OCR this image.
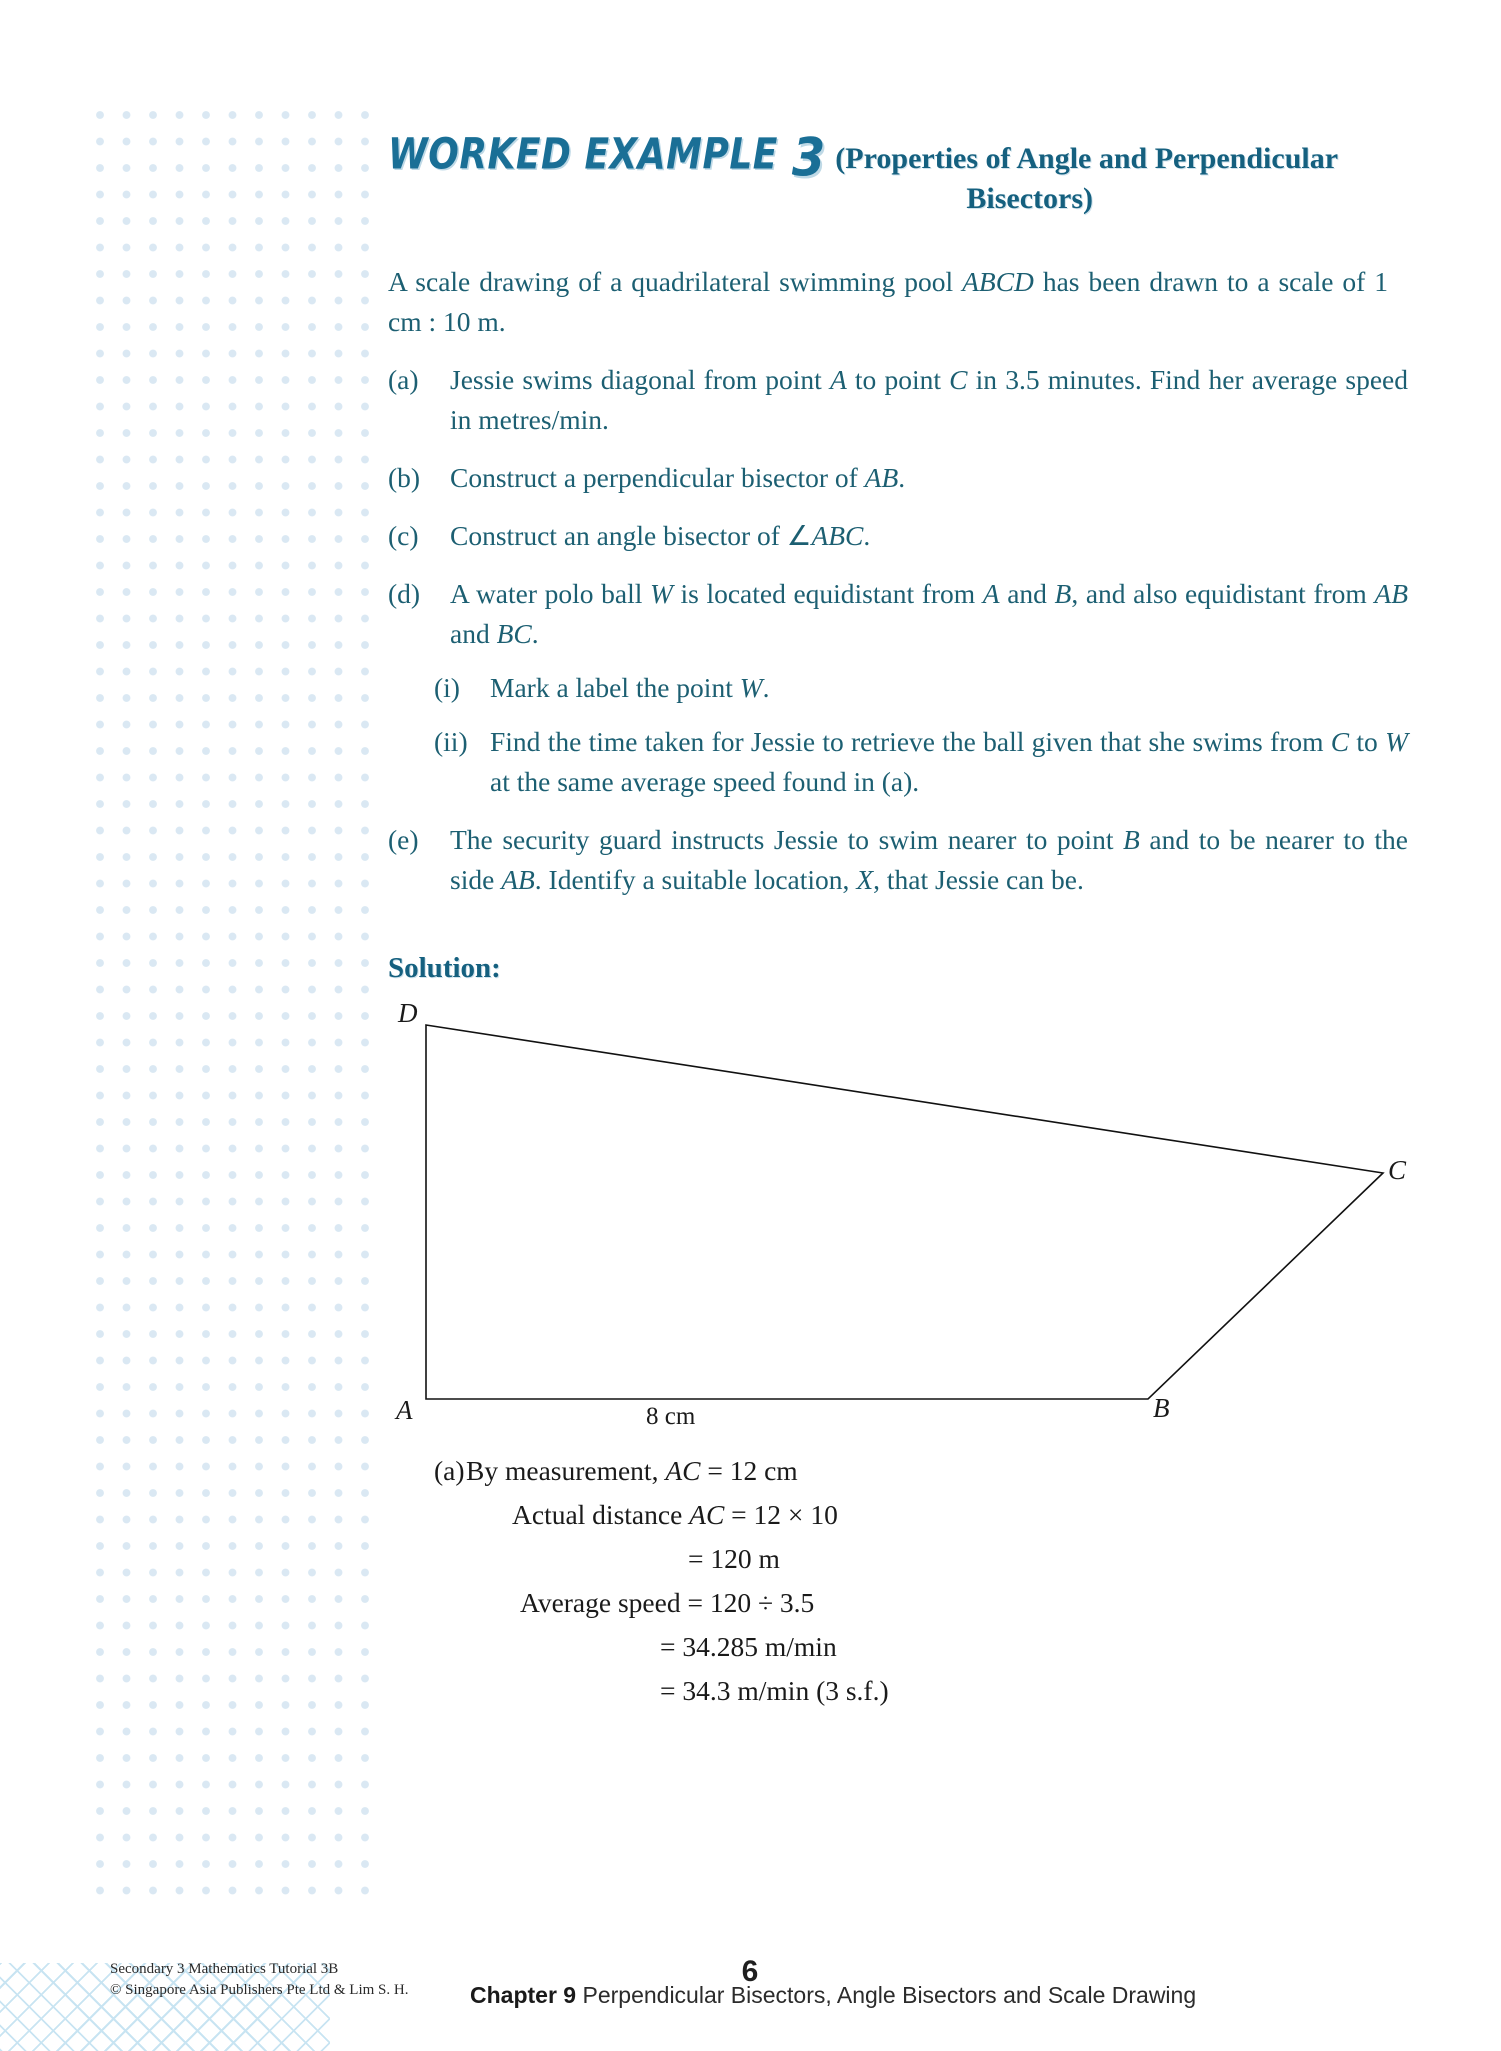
WORKED EXAMPLE 3 (Properties of Angle and Perpendicular
Bisectors)
A scale drawing of a quadrilateral swimming pool ABCD has been drawn to a scale of 1 cm : 10 m.
(a)	Jessie swims diagonal from point A to point C in 3.5 minutes. Find her average speed in metres/min.
(b)	Construct a perpendicular bisector of AB.
(c)	Construct an angle bisector of ∠ABC.
(d)	A water polo ball W is located equidistant from A and B, and also equidistant from AB and BC.
(i)	Mark a label the point W.
(ii) Find the time taken for Jessie to retrieve the ball given that she swims from C to W at the same average speed found in (a).
(e)	The security guard instructs Jessie to swim nearer to point B and to be nearer to the side AB. Identify a suitable location, X, that Jessie can be.
Solution:
D
C
A	B
8 cm
(a) By measurement, AC = 12 cm
Actual distance AC = 12 × 10
= 120 m
Average speed = 120 ÷ 3.5
= 34.285 m/min
= 34.3 m/min (3 s.f.)
6
Secondary 3 Mathematics Tutorial 3B
© Singapore Asia Publishers Pte Ltd & Lim S. H.	Chapter 9 Perpendicular Bisectors, Angle Bisectors and Scale Drawing
